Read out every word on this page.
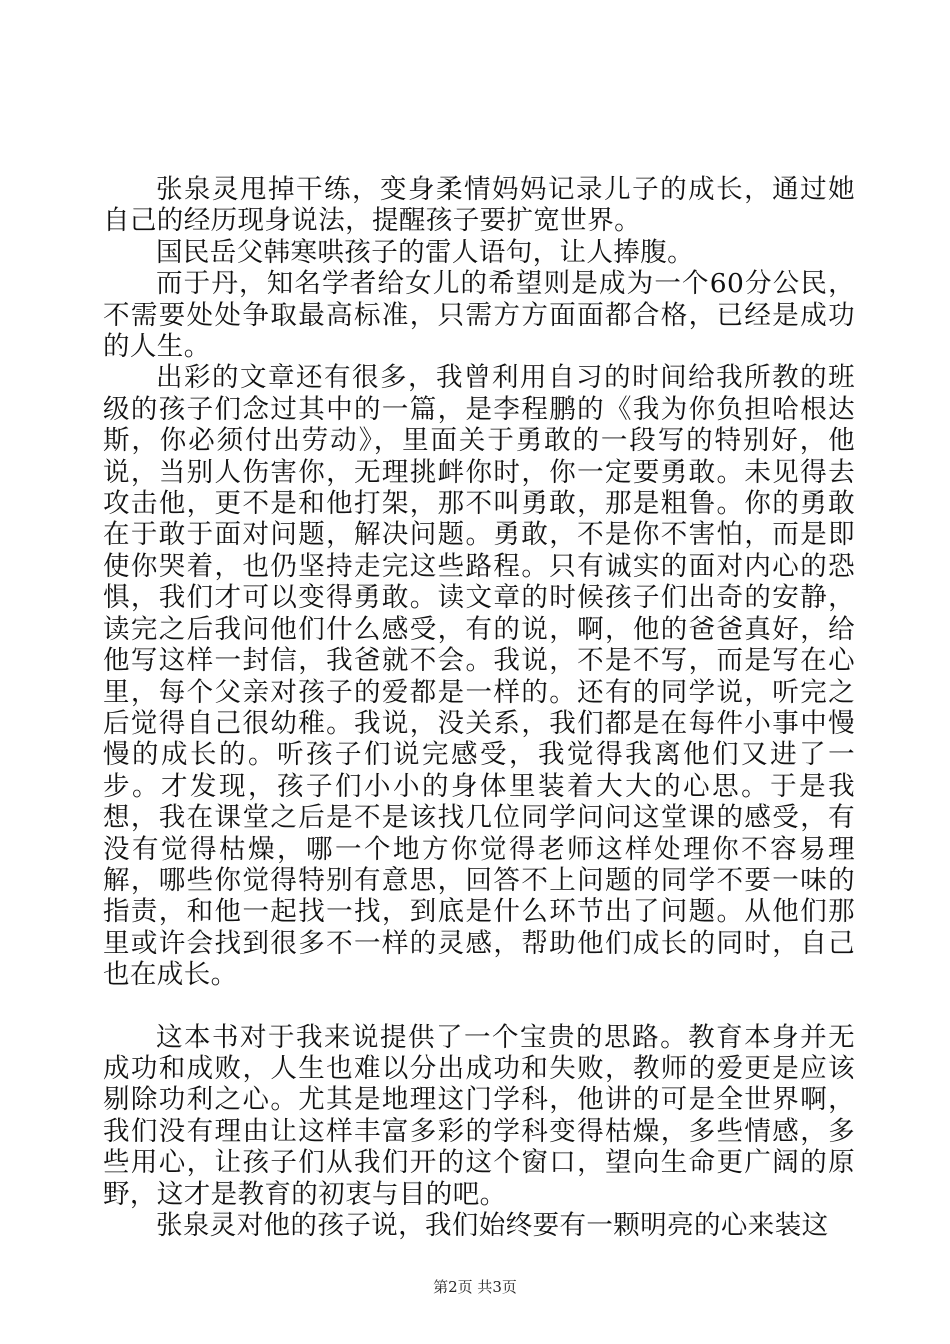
张泉灵甩掉干练，变身柔情妈妈记录儿子的成长，通过她自己的经历现身说法，提醒孩子要扩宽世界。

国民岳父韩寒哄孩子的雷人语句，让人捧腹。

而于丹，知名学者给女儿的希望则是成为一个60分公民，不需要处处争取最高标准，只需方方面面都合格，已经是成功的人生。

出彩的文章还有很多，我曾利用自习的时间给我所教的班级的孩子们念过其中的一篇，是李程鹏的《我为你负担哈根达斯，你必须付出劳动》，里面关于勇敢的一段写的特别好，他说，当别人伤害你，无理挑衅你时，你一定要勇敢。未见得去攻击他，更不是和他打架，那不叫勇敢，那是粗鲁。你的勇敢在于敢于面对问题，解决问题。勇敢，不是你不害怕，而是即使你哭着，也仍坚持走完这些路程。只有诚实的面对内心的恐惧，我们才可以变得勇敢。读文章的时候孩子们出奇的安静，读完之后我问他们什么感受，有的说，啊，他的爸爸真好，给他写这样一封信，我爸就不会。我说，不是不写，而是写在心里，每个父亲对孩子的爱都是一样的。还有的同学说，听完之后觉得自己很幼稚。我说，没关系，我们都是在每件小事中慢慢的成长的。听孩子们说完感受，我觉得我离他们又进了一步。才发现，孩子们小小的身体里装着大大的心思。于是我想，我在课堂之后是不是该找几位同学问问这堂课的感受，有没有觉得枯燥，哪一个地方你觉得老师这样处理你不容易理解，哪些你觉得特别有意思，回答不上问题的同学不要一味的指责，和他一起找一找，到底是什么环节出了问题。从他们那里或许会找到很多不一样的灵感，帮助他们成长的同时，自己也在成长。

这本书对于我来说提供了一个宝贵的思路。教育本身并无成功和成败，人生也难以分出成功和失败，教师的爱更是应该剔除功利之心。尤其是地理这门学科，他讲的可是全世界啊，我们没有理由让这样丰富多彩的学科变得枯燥，多些情感，多些用心，让孩子们从我们开的这个窗口，望向生命更广阔的原野，这才是教育的初衷与目的吧。

张泉灵对他的孩子说，我们始终要有一颗明亮的心来装这

第2页 共3页
